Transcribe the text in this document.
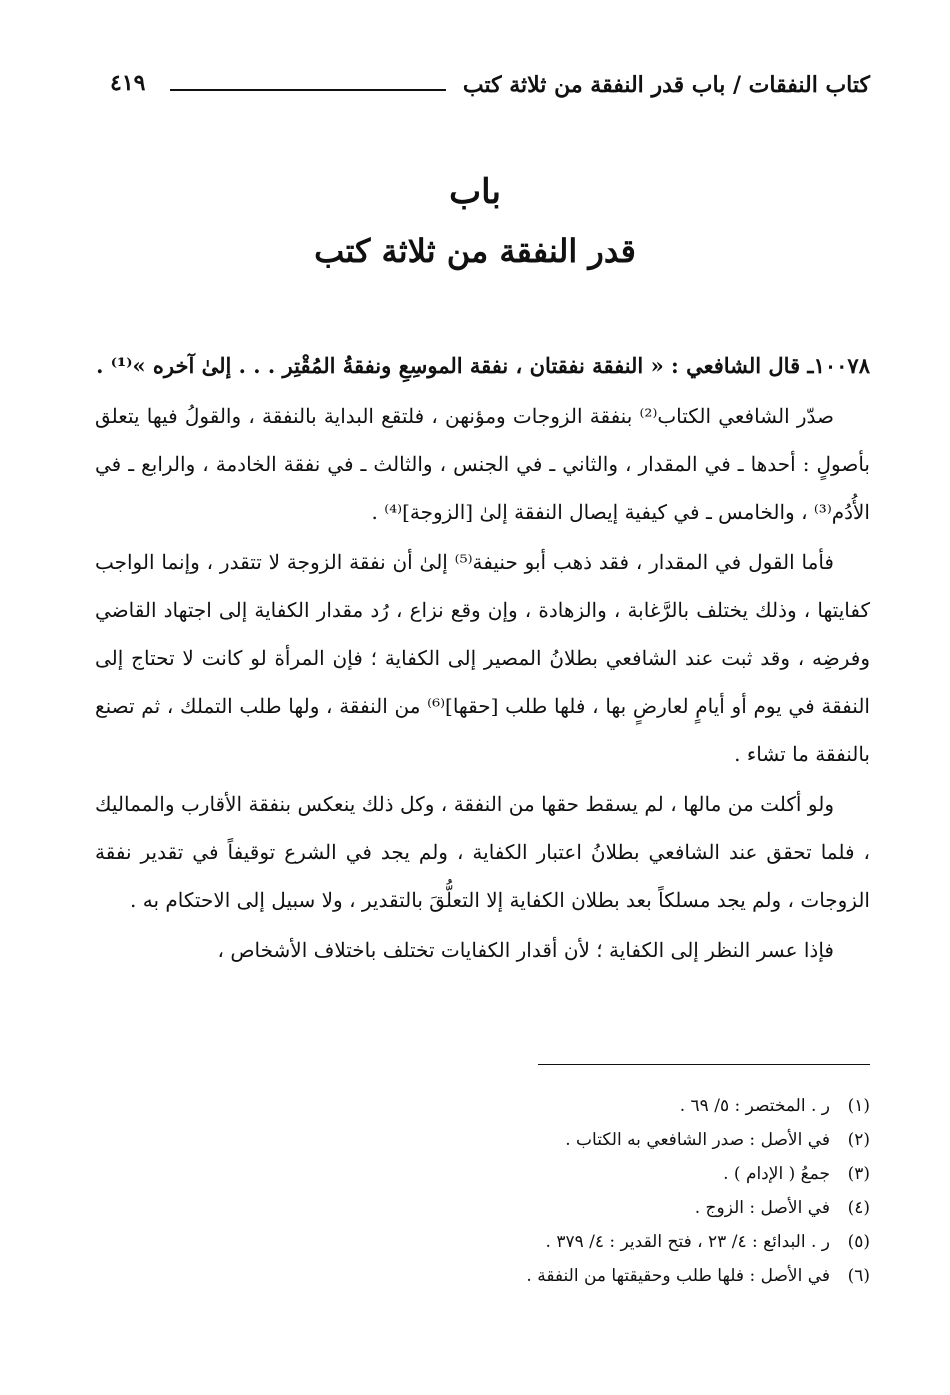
كتاب النفقات / باب قدر النفقة من ثلاثة كتب
٤١٩
باب
قدر النفقة من ثلاثة كتب

١٠٠٧٨ـ قال الشافعي : « النفقة نفقتان ، نفقة الموسِعِ ونفقةُ المُقْتِر . . . إلىٰ آخره »⁽¹⁾ .

صدّر الشافعي الكتاب⁽²⁾ بنفقة الزوجات ومؤنهن ، فلتقع البداية بالنفقة ، والقولُ فيها يتعلق بأصولٍ : أحدها ـ في المقدار ، والثاني ـ في الجنس ، والثالث ـ في نفقة الخادمة ، والرابع ـ في الأُدُم⁽³⁾ ، والخامس ـ في كيفية إيصال النفقة إلىٰ [الزوجة]⁽⁴⁾ .

فأما القول في المقدار ، فقد ذهب أبو حنيفة⁽⁵⁾ إلىٰ أن نفقة الزوجة لا تتقدر ، وإنما الواجب كفايتها ، وذلك يختلف بالرَّغابة ، والزهادة ، وإن وقع نزاع ، رُد مقدار الكفاية إلى اجتهاد القاضي وفرضِه ، وقد ثبت عند الشافعي بطلانُ المصير إلى الكفاية ؛ فإن المرأة لو كانت لا تحتاج إلى النفقة في يوم أو أيامٍ لعارضٍ بها ، فلها طلب [حقها]⁽⁶⁾ من النفقة ، ولها طلب التملك ، ثم تصنع بالنفقة ما تشاء .

ولو أكلت من مالها ، لم يسقط حقها من النفقة ، وكل ذلك ينعكس بنفقة الأقارب والمماليك ، فلما تحقق عند الشافعي بطلانُ اعتبار الكفاية ، ولم يجد في الشرع توقيفاً في تقدير نفقة الزوجات ، ولم يجد مسلكاً بعد بطلان الكفاية إلا التعلُّقَ بالتقدير ، ولا سبيل إلى الاحتكام به .

فإذا عسر النظر إلى الكفاية ؛ لأن أقدار الكفايات تختلف باختلاف الأشخاص ،

(١)
ر . المختصر : ٥/ ٦٩ .
(٢)
في الأصل : صدر الشافعي به الكتاب .
(٣)
جمعُ ( الإدام ) .
(٤)
في الأصل : الزوج .
(٥)
ر . البدائع : ٤/ ٢٣ ، فتح القدير : ٤/ ٣٧٩ .
(٦)
في الأصل : فلها طلب وحقيقتها من النفقة .
